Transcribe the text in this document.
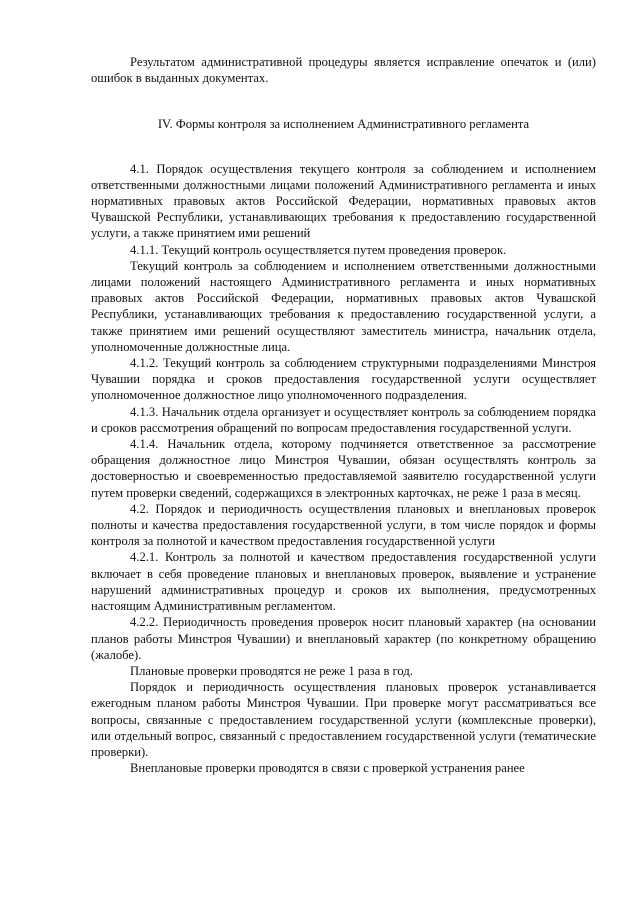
Результатом административной процедуры является исправление опечаток и (или) ошибок в выданных документах.

IV. Формы контроля за исполнением Административного регламента

4.1. Порядок осуществления текущего контроля за соблюдением и исполнением ответственными должностными лицами положений Административного регламента и иных нормативных правовых актов Российской Федерации, нормативных правовых актов Чувашской Республики, устанавливающих требования к предоставлению государственной услуги, а также принятием ими решений

4.1.1. Текущий контроль осуществляется путем проведения проверок.

Текущий контроль за соблюдением и исполнением ответственными должностными лицами положений настоящего Административного регламента и иных нормативных правовых актов Российской Федерации, нормативных правовых актов Чувашской Республики, устанавливающих требования к предоставлению государственной услуги, а также принятием ими решений осуществляют заместитель министра, начальник отдела, уполномоченные должностные лица.

4.1.2. Текущий контроль за соблюдением структурными подразделениями Минстроя Чувашии порядка и сроков предоставления государственной услуги осуществляет уполномоченное должностное лицо уполномоченного подразделения.

4.1.3. Начальник отдела организует и осуществляет контроль за соблюдением порядка и сроков рассмотрения обращений по вопросам предоставления государственной услуги.

4.1.4. Начальник отдела, которому подчиняется ответственное за рассмотрение обращения должностное лицо Минстроя Чувашии, обязан осуществлять контроль за достоверностью и своевременностью предоставляемой заявителю государственной услуги путем проверки сведений, содержащихся в электронных карточках, не реже 1 раза в месяц.

4.2. Порядок и периодичность осуществления плановых и внеплановых проверок полноты и качества предоставления государственной услуги, в том числе порядок и формы контроля за полнотой и качеством предоставления государственной услуги

4.2.1. Контроль за полнотой и качеством предоставления государственной услуги включает в себя проведение плановых и внеплановых проверок, выявление и устранение нарушений административных процедур и сроков их выполнения, предусмотренных настоящим Административным регламентом.

4.2.2. Периодичность проведения проверок носит плановый характер (на основании планов работы Минстроя Чувашии) и внеплановый характер (по конкретному обращению (жалобе).

Плановые проверки проводятся не реже 1 раза в год.

Порядок и периодичность осуществления плановых проверок устанавливается ежегодным планом работы Минстроя Чувашии. При проверке могут рассматриваться все вопросы, связанные с предоставлением государственной услуги (комплексные проверки), или отдельный вопрос, связанный с предоставлением государственной услуги (тематические проверки).

Внеплановые проверки проводятся в связи с проверкой устранения ранее
